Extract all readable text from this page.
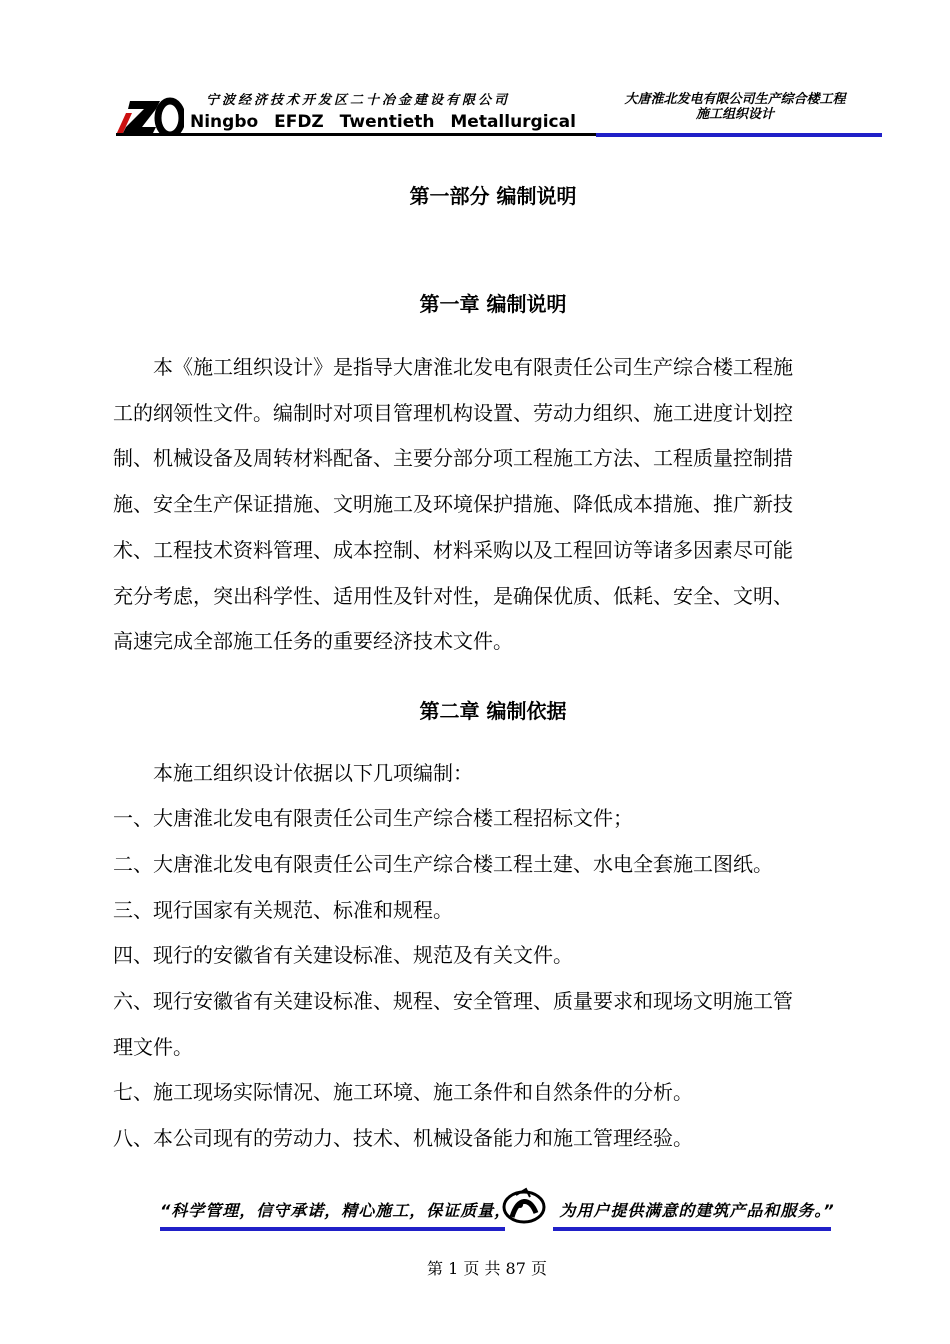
宁波经济技术开发区二十冶金建设有限公司
Ningbo EFDZ Twentieth Metallurgical
大唐淮北发电有限公司生产综合楼工程
施工组织设计
第一部分 编制说明
第一章 编制说明

本《施工组织设计》是指导大唐淮北发电有限责任公司生产综合楼工程施

工的纲领性文件。编制时对项目管理机构设置、劳动力组织、施工进度计划控

制、机械设备及周转材料配备、主要分部分项工程施工方法、工程质量控制措

施、安全生产保证措施、文明施工及环境保护措施、降低成本措施、推广新技

术、工程技术资料管理、成本控制、材料采购以及工程回访等诸多因素尽可能

充分考虑，突出科学性、适用性及针对性，是确保优质、低耗、安全、文明、

高速完成全部施工任务的重要经济技术文件。

第二章 编制依据
本施工组织设计依据以下几项编制：
一、大唐淮北发电有限责任公司生产综合楼工程招标文件；
二、大唐淮北发电有限责任公司生产综合楼工程土建、水电全套施工图纸。
三、现行国家有关规范、标准和规程。
四、现行的安徽省有关建设标准、规范及有关文件。
六、现行安徽省有关建设标准、规程、安全管理、质量要求和现场文明施工管
理文件。
七、施工现场实际情况、施工环境、施工条件和自然条件的分析。
八、本公司现有的劳动力、技术、机械设备能力和施工管理经验。
“科学管理，信守承诺，精心施工，保证质量，	为用户提供满意的建筑产品和服务。”
第 1 页 共 87 页
